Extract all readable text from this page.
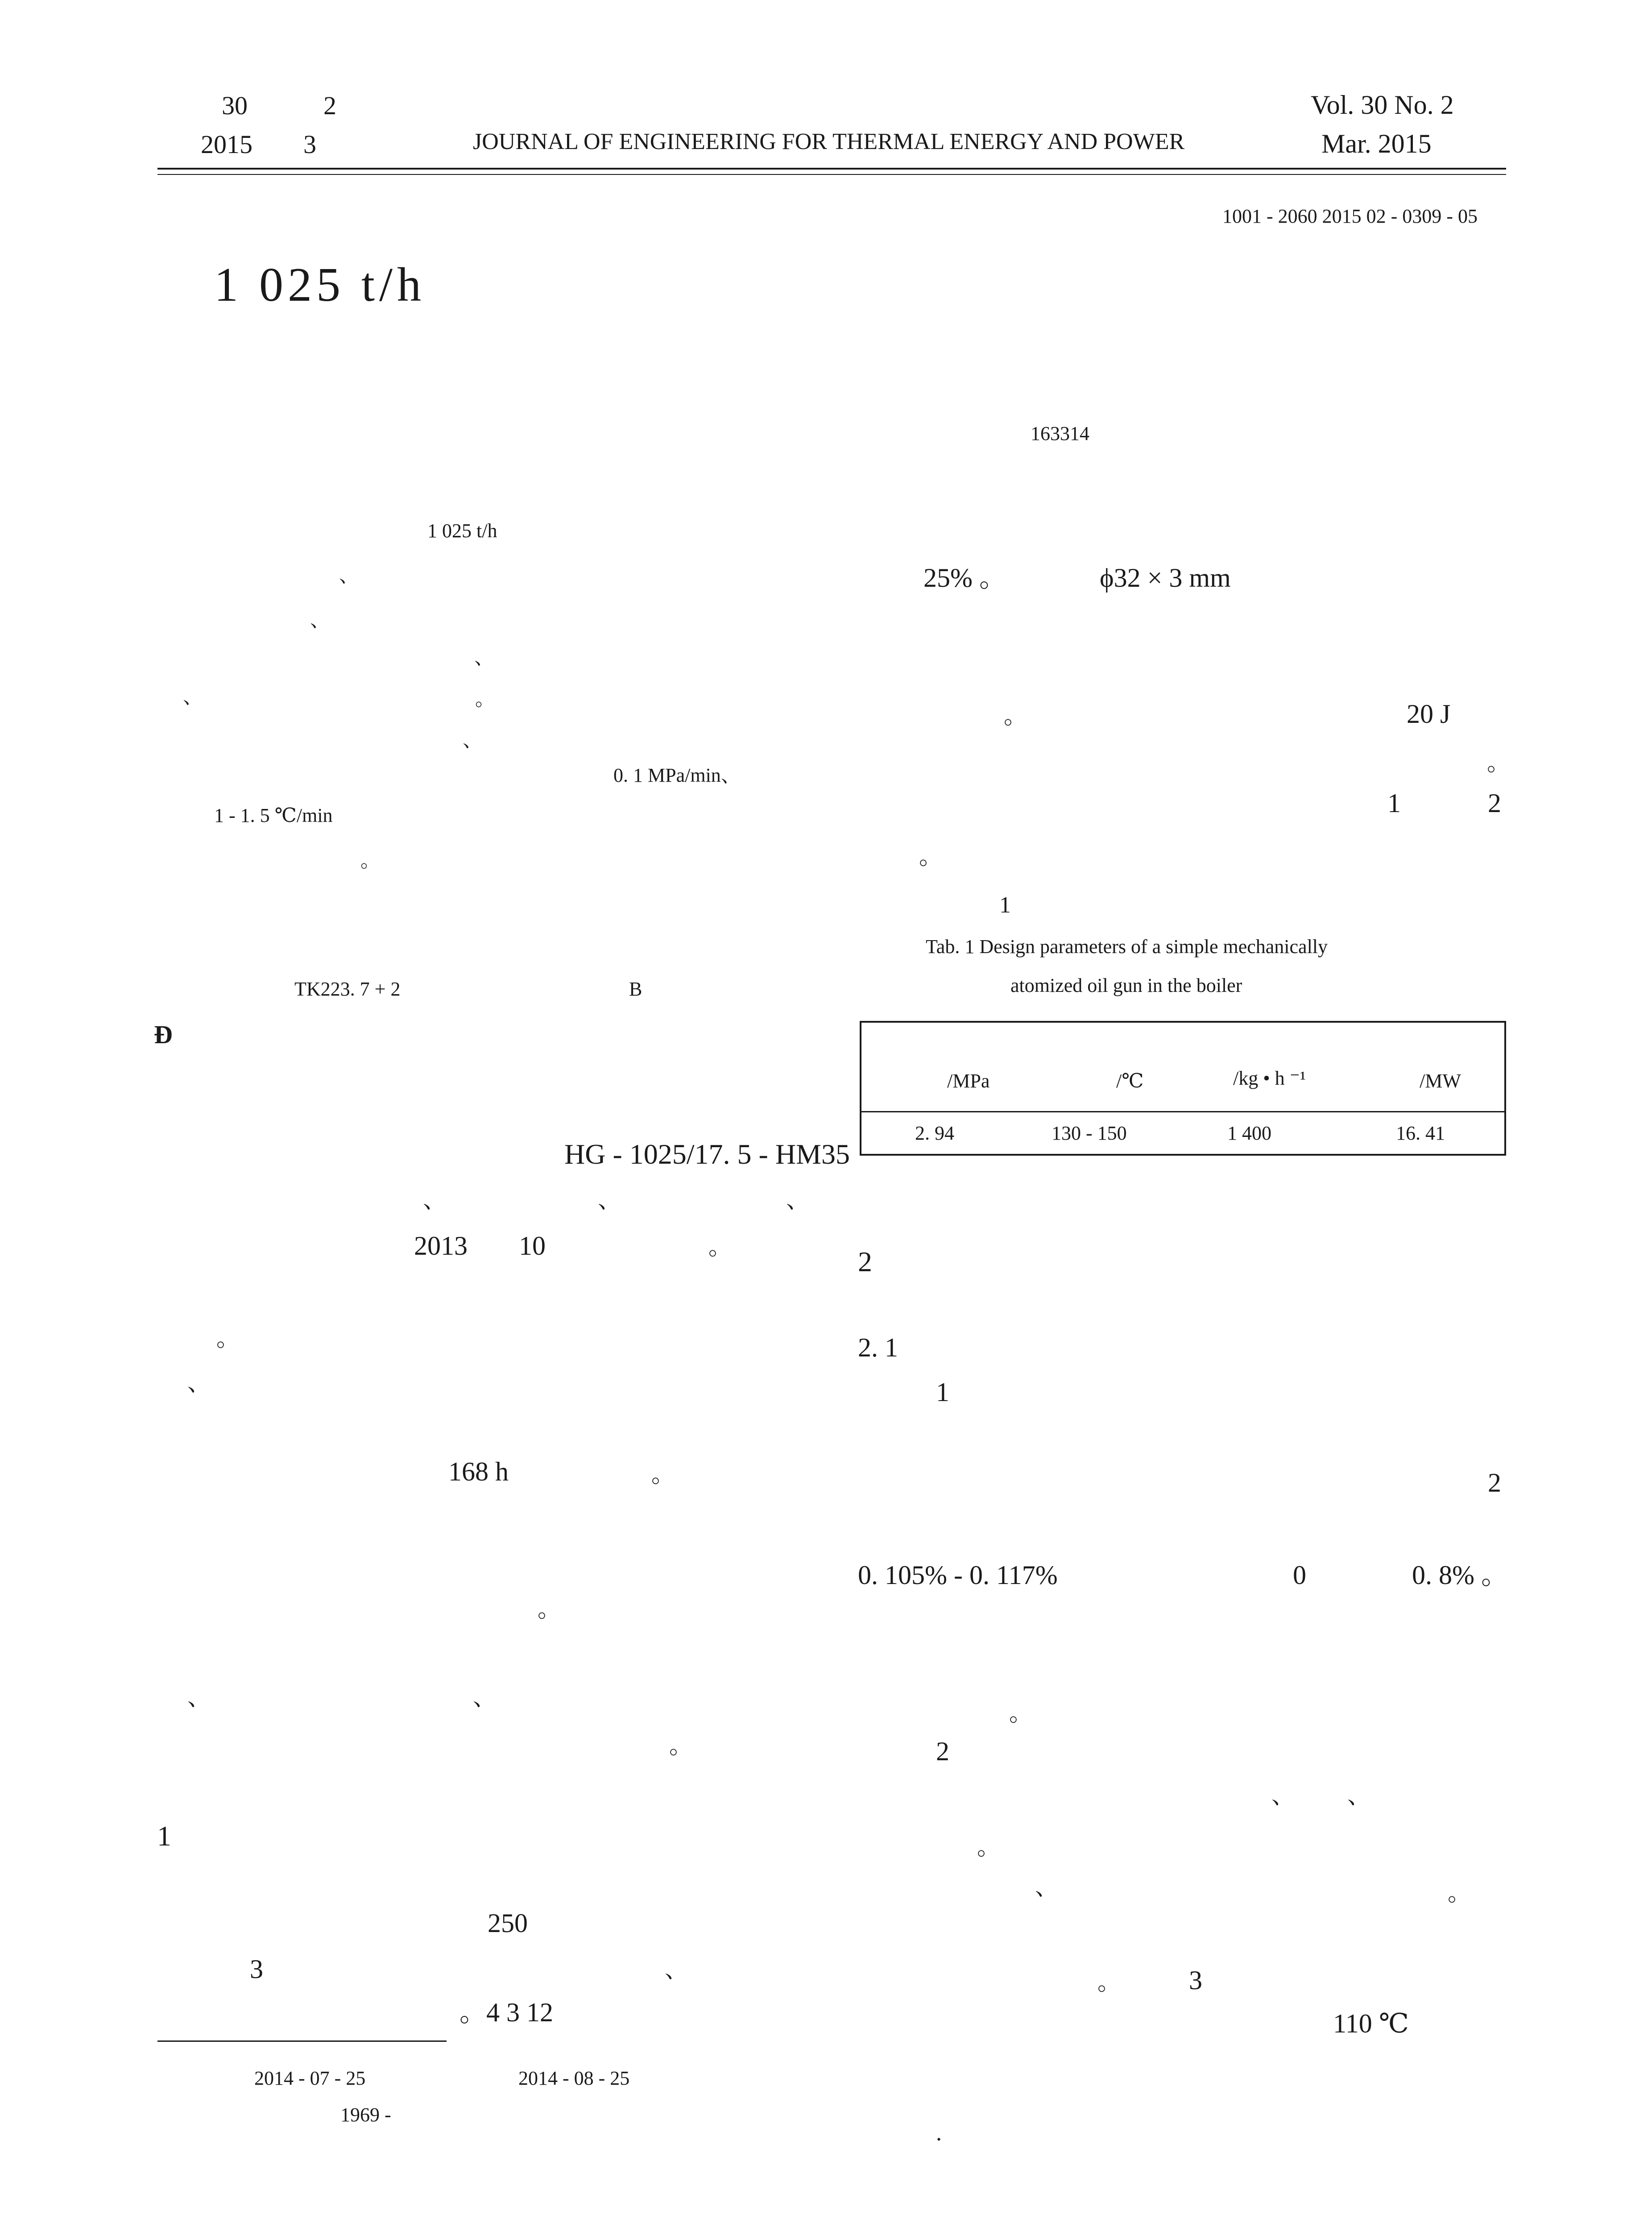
30	2
2015 3	JOURNAL OF ENGINEERING FOR THERMAL ENERGY AND POWER
Vol. 30 No. 2
Mar. 2015
1001 - 2060 2015 02 - 0309 - 05
1 025 t/h
163314
1 025 t/h
、
、
、
、	。
、
0. 1 MPa/min、
1 - 1. 5 ℃/min
。
TK223. 7 + 2	B
Ɖ
HG - 1025/17. 5 - HM35
、	、	、
2013 10	。
。
、
168 h	。
。
、	、
。
1
250
3	、
。4 3 12
2014 - 07 - 25	2014 - 08 - 25
1969 -
25% 。	ϕ32 × 3 mm
。	20 J
。
1	2
。
1
Tab. 1 Design parameters of a simple mechanically
atomized oil gun in the boiler
/MPa	/℃	/kg • h ⁻¹	/MW
2. 94	130 - 150	1 400	16. 41
2
2. 1
1
2
0. 105% - 0. 117%	0	0. 8% 。
。
2
、 、
。
、	。
。	3
110 ℃
.
